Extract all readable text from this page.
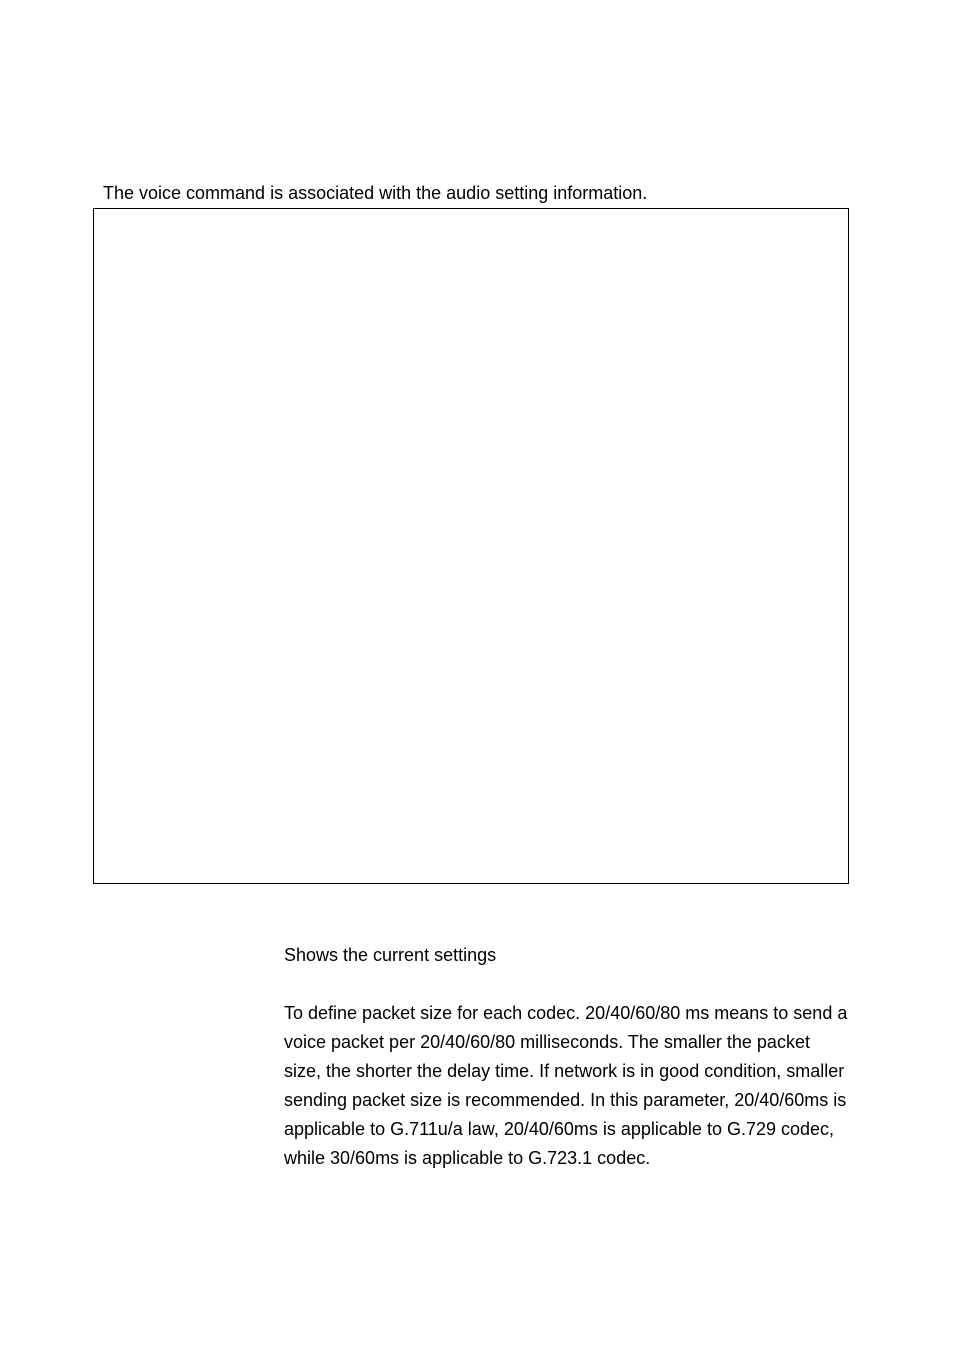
The voice command is associated with the audio setting information.
Shows the current settings
To define packet size for each codec. 20/40/60/80 ms means to send a voice packet per 20/40/60/80 milliseconds. The smaller the packet size, the shorter the delay time. If network is in good condition, smaller sending packet size is recommended. In this parameter, 20/40/60ms is applicable to G.711u/a law, 20/40/60ms is applicable to G.729 codec, while 30/60ms is applicable to G.723.1 codec.
